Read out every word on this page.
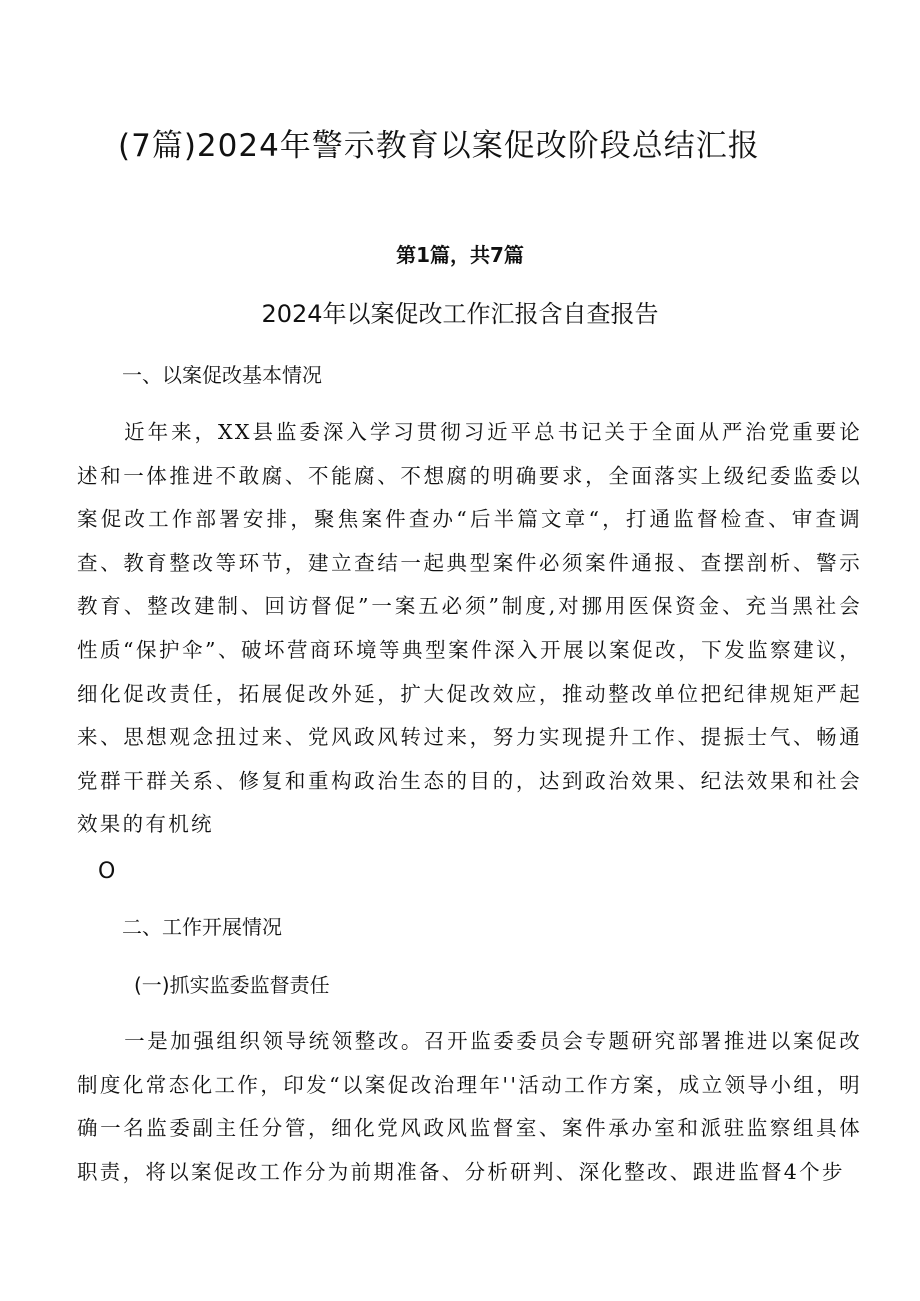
(7篇)2024年警示教育以案促改阶段总结汇报
第1篇，共7篇
2024年以案促改工作汇报含自查报告
一、以案促改基本情况

近年来，XX县监委深入学习贯彻习近平总书记关于全面从严治党重要论述和一体推进不敢腐、不能腐、不想腐的明确要求，全面落实上级纪委监委以案促改工作部署安排，聚焦案件查办“后半篇文章“，打通监督检查、审查调查、教育整改等环节，建立查结一起典型案件必须案件通报、查摆剖析、警示教育、整改建制、回访督促”一案五必须”制度,对挪用医保资金、充当黑社会性质“保护伞”、破坏营商环境等典型案件深入开展以案促改，下发监察建议，细化促改责任，拓展促改外延，扩大促改效应，推动整改单位把纪律规矩严起来、思想观念扭过来、党风政风转过来，努力实现提升工作、提振士气、畅通党群干群关系、修复和重构政治生态的目的，达到政治效果、纪法效果和社会效果的有机统

O
二、工作开展情况
(一)抓实监委监督责任

一是加强组织领导统领整改。召开监委委员会专题研究部署推进以案促改制度化常态化工作，印发“以案促改治理年''活动工作方案，成立领导小组，明确一名监委副主任分管，细化党风政风监督室、案件承办室和派驻监察组具体职责，将以案促改工作分为前期准备、分析研判、深化整改、跟进监督4个步
